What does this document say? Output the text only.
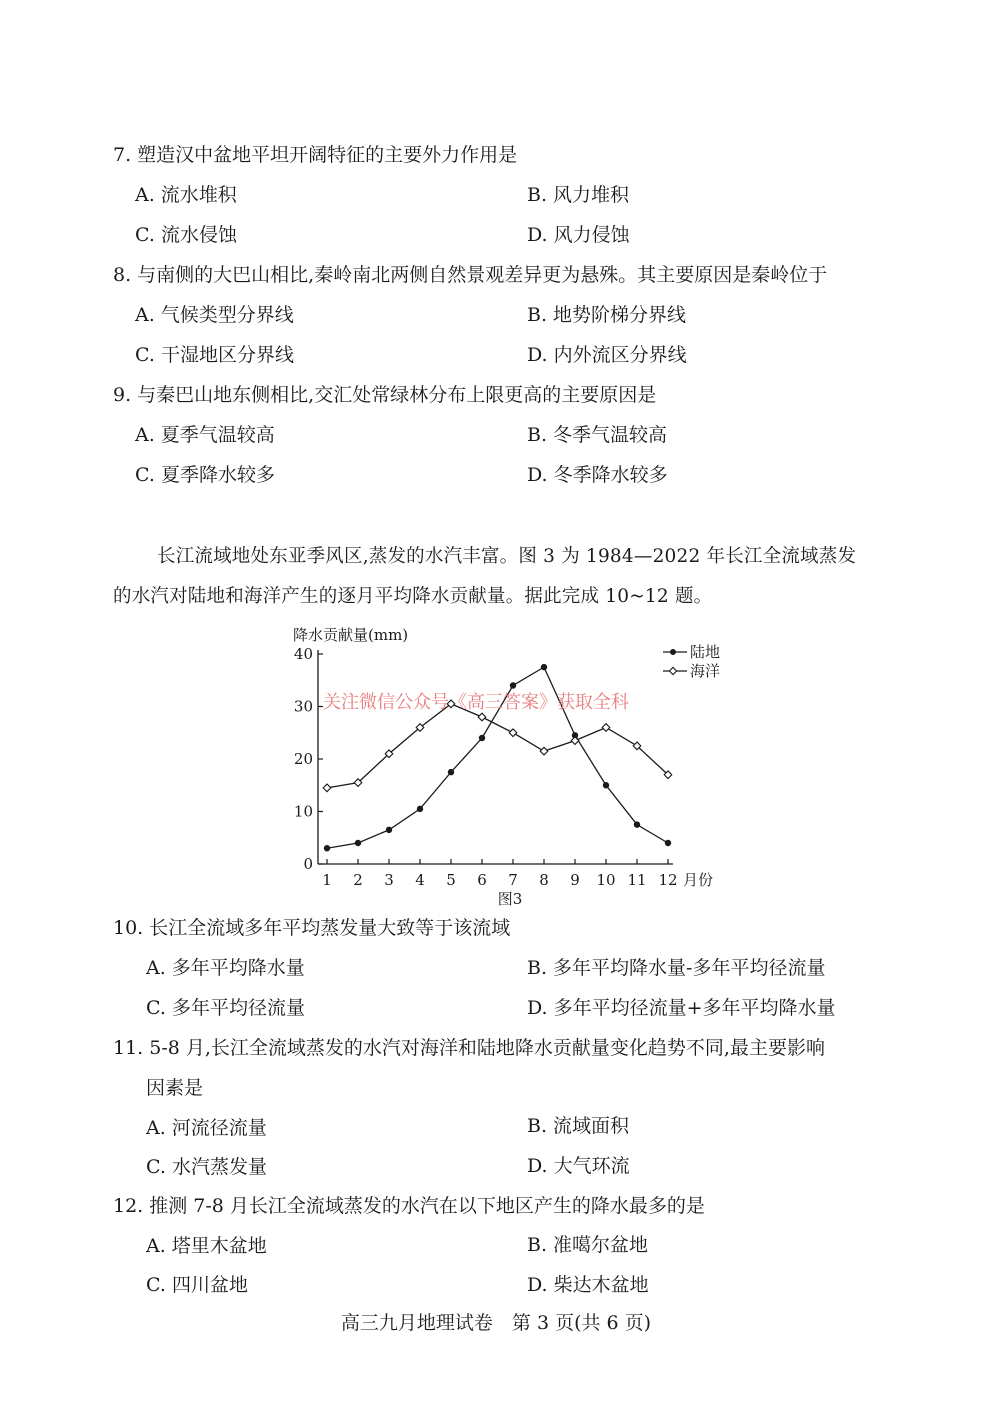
7. 塑造汉中盆地平坦开阔特征的主要外力作用是
A. 流水堆积	B. 风力堆积
C. 流水侵蚀	D. 风力侵蚀
8. 与南侧的大巴山相比,秦岭南北两侧自然景观差异更为悬殊。其主要原因是秦岭位于
A. 气候类型分界线	B. 地势阶梯分界线
C. 干湿地区分界线	D. 内外流区分界线
9. 与秦巴山地东侧相比,交汇处常绿林分布上限更高的主要原因是
A. 夏季气温较高	B. 冬季气温较高
C. 夏季降水较多	D. 冬季降水较多
长江流域地处东亚季风区,蒸发的水汽丰富。图 3 为 1984—2022 年长江全流域蒸发
的水汽对陆地和海洋产生的逐月平均降水贡献量。据此完成 10~12 题。
0
10
20
30
40
1 2 3 4 5 6 7 8 9 10 11 12
降水贡献量(mm)
月份
图3
陆地
海洋
关注微信公众号《高三答案》获取全科
10. 长江全流域多年平均蒸发量大致等于该流域
A. 多年平均降水量	B. 多年平均降水量-多年平均径流量
C. 多年平均径流量	D. 多年平均径流量+多年平均降水量
11. 5-8 月,长江全流域蒸发的水汽对海洋和陆地降水贡献量变化趋势不同,最主要影响
因素是
A. 河流径流量	B. 流域面积
C. 水汽蒸发量	D. 大气环流
12. 推测 7-8 月长江全流域蒸发的水汽在以下地区产生的降水最多的是
A. 塔里木盆地	B. 准噶尔盆地
C. 四川盆地	D. 柴达木盆地
高三九月地理试卷　第 3 页(共 6 页)
